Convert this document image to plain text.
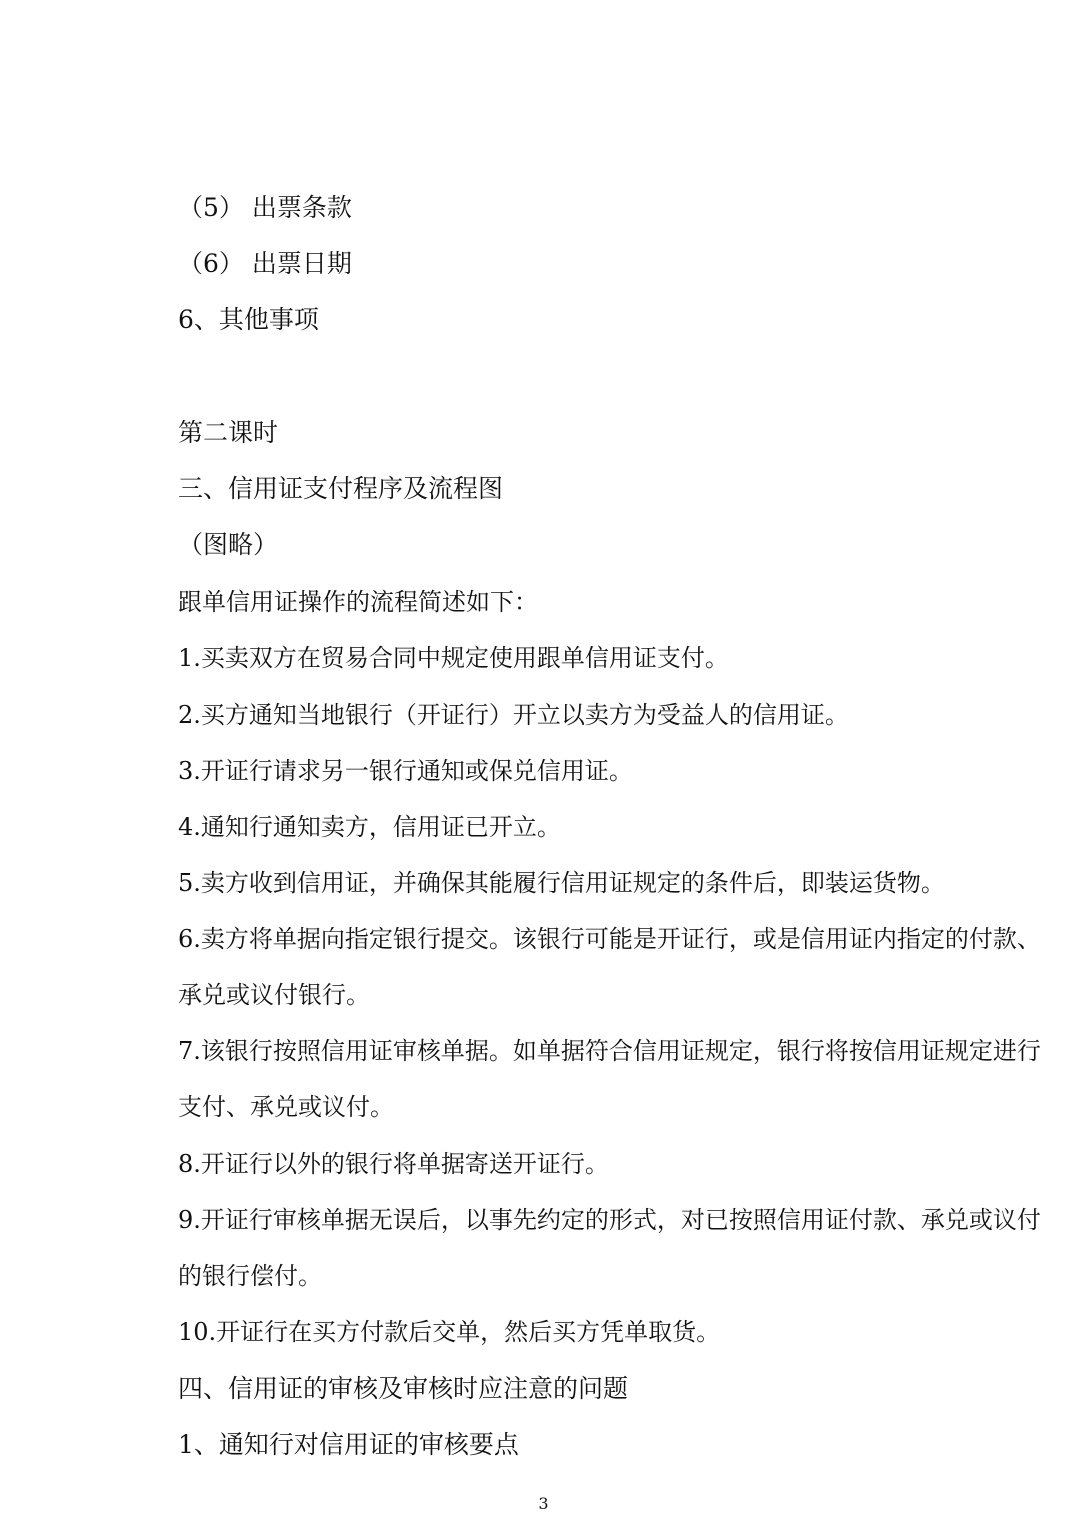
（5） 出票条款
（6） 出票日期
6、其他事项
第二课时
三、信用证支付程序及流程图
（图略）
跟单信用证操作的流程简述如下：
1.买卖双方在贸易合同中规定使用跟单信用证支付。
2.买方通知当地银行（开证行）开立以卖方为受益人的信用证。
3.开证行请求另一银行通知或保兑信用证。
4.通知行通知卖方，信用证已开立。
5.卖方收到信用证，并确保其能履行信用证规定的条件后，即装运货物。
6.卖方将单据向指定银行提交。该银行可能是开证行，或是信用证内指定的付款、
承兑或议付银行。
7.该银行按照信用证审核单据。如单据符合信用证规定，银行将按信用证规定进行
支付、承兑或议付。
8.开证行以外的银行将单据寄送开证行。
9.开证行审核单据无误后，以事先约定的形式，对已按照信用证付款、承兑或议付
的银行偿付。
10.开证行在买方付款后交单，然后买方凭单取货。
四、信用证的审核及审核时应注意的问题
1、通知行对信用证的审核要点
3
